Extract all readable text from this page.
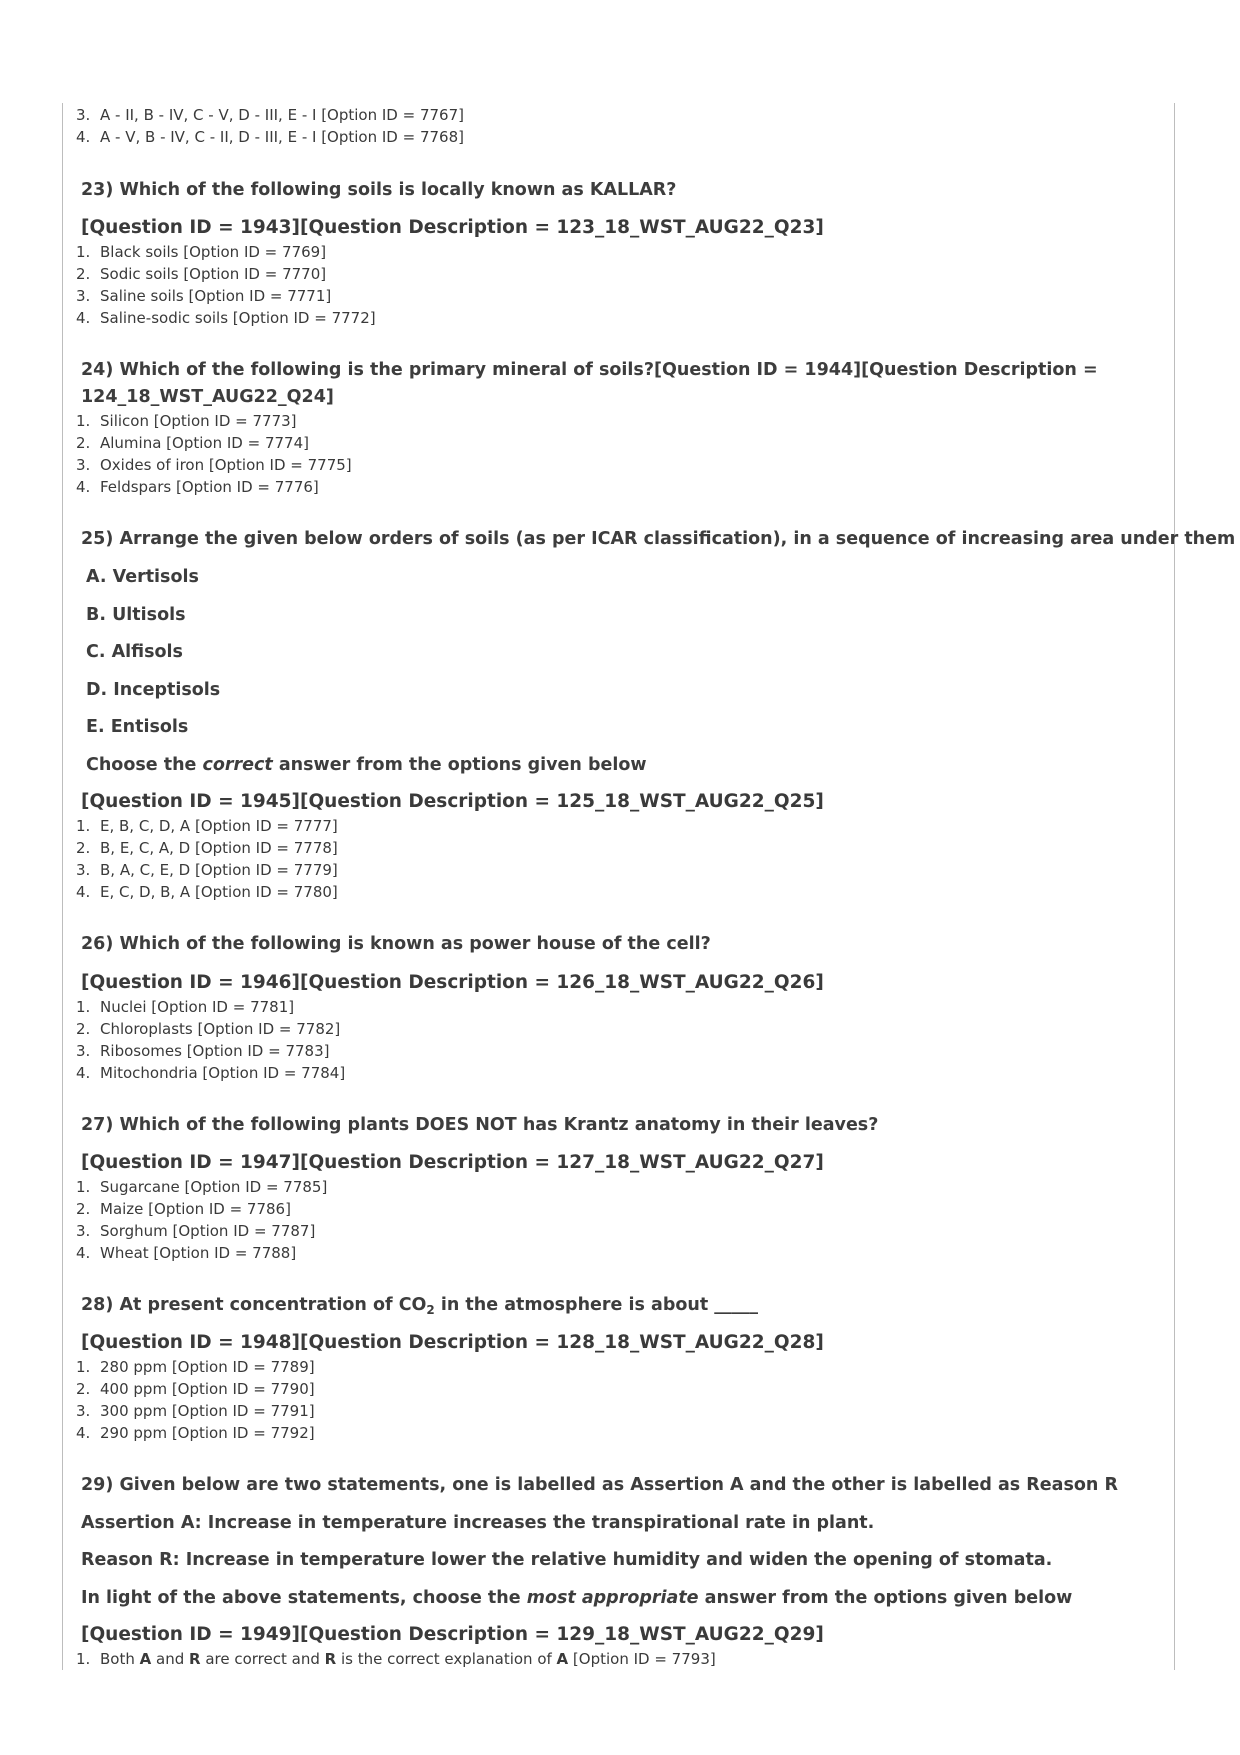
3. A - II, B - IV, C - V, D - III, E - I [Option ID = 7767]
4. A - V, B - IV, C - II, D - III, E - I [Option ID = 7768]
23) Which of the following soils is locally known as KALLAR?
[Question ID = 1943][Question Description = 123_18_WST_AUG22_Q23]
1. Black soils [Option ID = 7769]
2. Sodic soils [Option ID = 7770]
3. Saline soils [Option ID = 7771]
4. Saline-sodic soils [Option ID = 7772]
24) Which of the following is the primary mineral of soils?[Question ID = 1944][Question Description = 124_18_WST_AUG22_Q24]
1. Silicon [Option ID = 7773]
2. Alumina [Option ID = 7774]
3. Oxides of iron [Option ID = 7775]
4. Feldspars [Option ID = 7776]
25) Arrange the given below orders of soils (as per ICAR classification), in a sequence of increasing area under them
A. Vertisols
B. Ultisols
C. Alfisols
D. Inceptisols
E. Entisols
Choose the correct answer from the options given below
[Question ID = 1945][Question Description = 125_18_WST_AUG22_Q25]
1. E, B, C, D, A [Option ID = 7777]
2. B, E, C, A, D [Option ID = 7778]
3. B, A, C, E, D [Option ID = 7779]
4. E, C, D, B, A [Option ID = 7780]
26) Which of the following is known as power house of the cell?
[Question ID = 1946][Question Description = 126_18_WST_AUG22_Q26]
1. Nuclei [Option ID = 7781]
2. Chloroplasts [Option ID = 7782]
3. Ribosomes [Option ID = 7783]
4. Mitochondria [Option ID = 7784]
27) Which of the following plants DOES NOT has Krantz anatomy in their leaves?
[Question ID = 1947][Question Description = 127_18_WST_AUG22_Q27]
1. Sugarcane [Option ID = 7785]
2. Maize [Option ID = 7786]
3. Sorghum [Option ID = 7787]
4. Wheat [Option ID = 7788]
28) At present concentration of $CO_2$ in the atmosphere is about _____
[Question ID = 1948][Question Description = 128_18_WST_AUG22_Q28]
1. 280 ppm [Option ID = 7789]
2. 400 ppm [Option ID = 7790]
3. 300 ppm [Option ID = 7791]
4. 290 ppm [Option ID = 7792]
29) Given below are two statements, one is labelled as Assertion A and the other is labelled as Reason R
Assertion A: Increase in temperature increases the transpirational rate in plant.
Reason R: Increase in temperature lower the relative humidity and widen the opening of stomata.
In light of the above statements, choose the most appropriate answer from the options given below
[Question ID = 1949][Question Description = 129_18_WST_AUG22_Q29]
1. Both A and R are correct and R is the correct explanation of A [Option ID = 7793]
